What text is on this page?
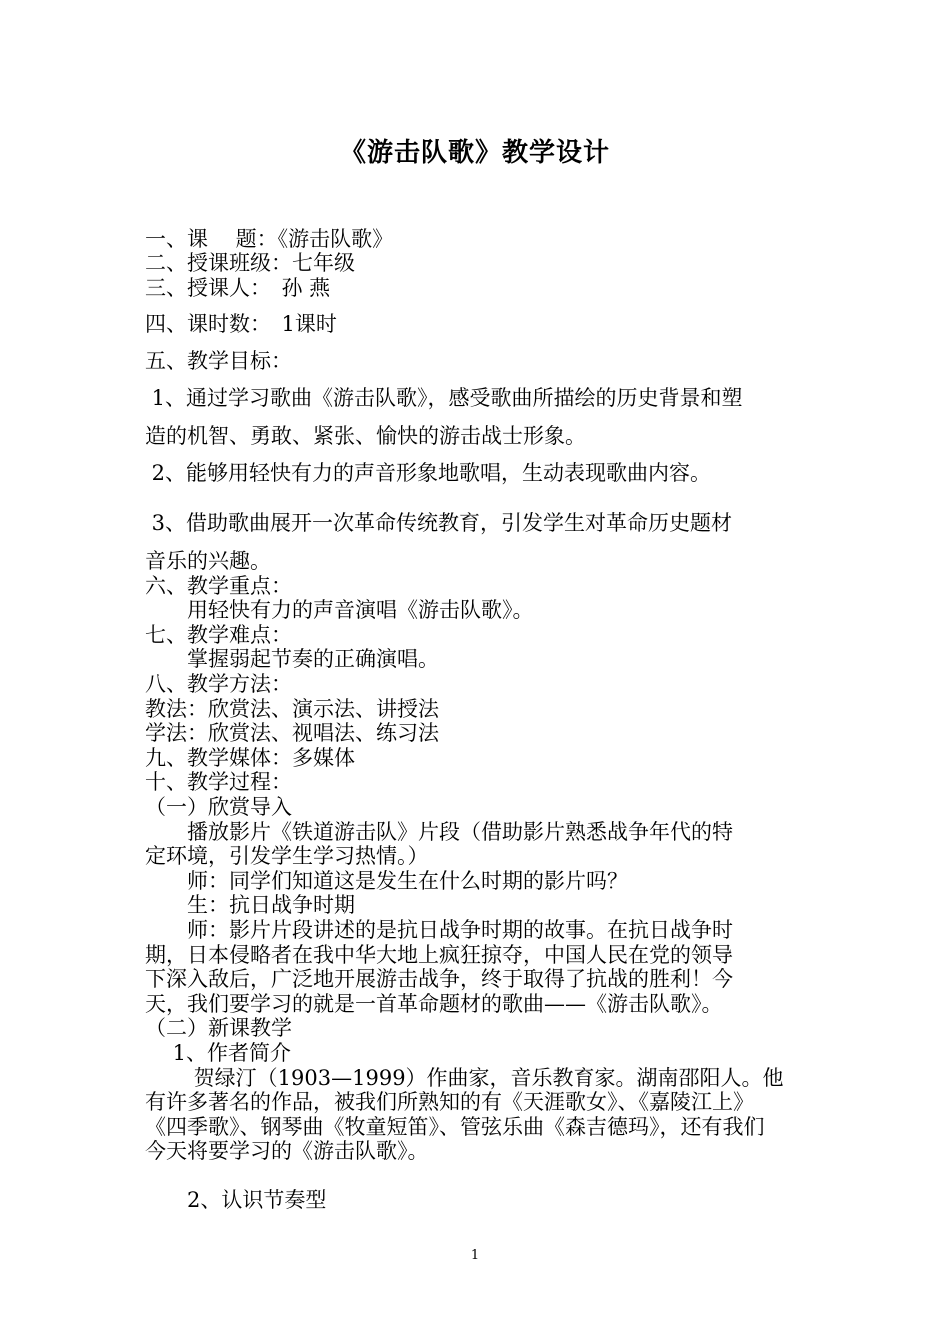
《游击队歌》教学设计
一、课　 题：《游击队歌》
二、授课班级：七年级
三、授课人：　孙 燕
四、课时数：　1课时
五、教学目标：
1、通过学习歌曲《游击队歌》，感受歌曲所描绘的历史背景和塑
造的机智、勇敢、紧张、愉快的游击战士形象。
2、能够用轻快有力的声音形象地歌唱，生动表现歌曲内容。
3、借助歌曲展开一次革命传统教育，引发学生对革命历史题材
音乐的兴趣。
六、教学重点：
　　用轻快有力的声音演唱《游击队歌》。
七、教学难点：
　　掌握弱起节奏的正确演唱。
八、教学方法：
教法：欣赏法、演示法、讲授法
学法：欣赏法、视唱法、练习法
九、教学媒体：多媒体
十、教学过程：
（一）欣赏导入
　　播放影片《铁道游击队》片段（借助影片熟悉战争年代的特
定环境，引发学生学习热情。）
　　师：同学们知道这是发生在什么时期的影片吗？
　　生：抗日战争时期
　　师：影片片段讲述的是抗日战争时期的故事。在抗日战争时
期，日本侵略者在我中华大地上疯狂掠夺，中国人民在党的领导
下深入敌后，广泛地开展游击战争，终于取得了抗战的胜利！今
天，我们要学习的就是一首革命题材的歌曲——《游击队歌》。
（二）新课教学
　 1、作者简介
　　 贺绿汀（1903—1999）作曲家，音乐教育家。湖南邵阳人。他
有许多著名的作品，被我们所熟知的有《天涯歌女》、《嘉陵江上》
《四季歌》、钢琴曲《牧童短笛》、管弦乐曲《森吉德玛》，还有我们
今天将要学习的《游击队歌》。
　　2、认识节奏型
1
